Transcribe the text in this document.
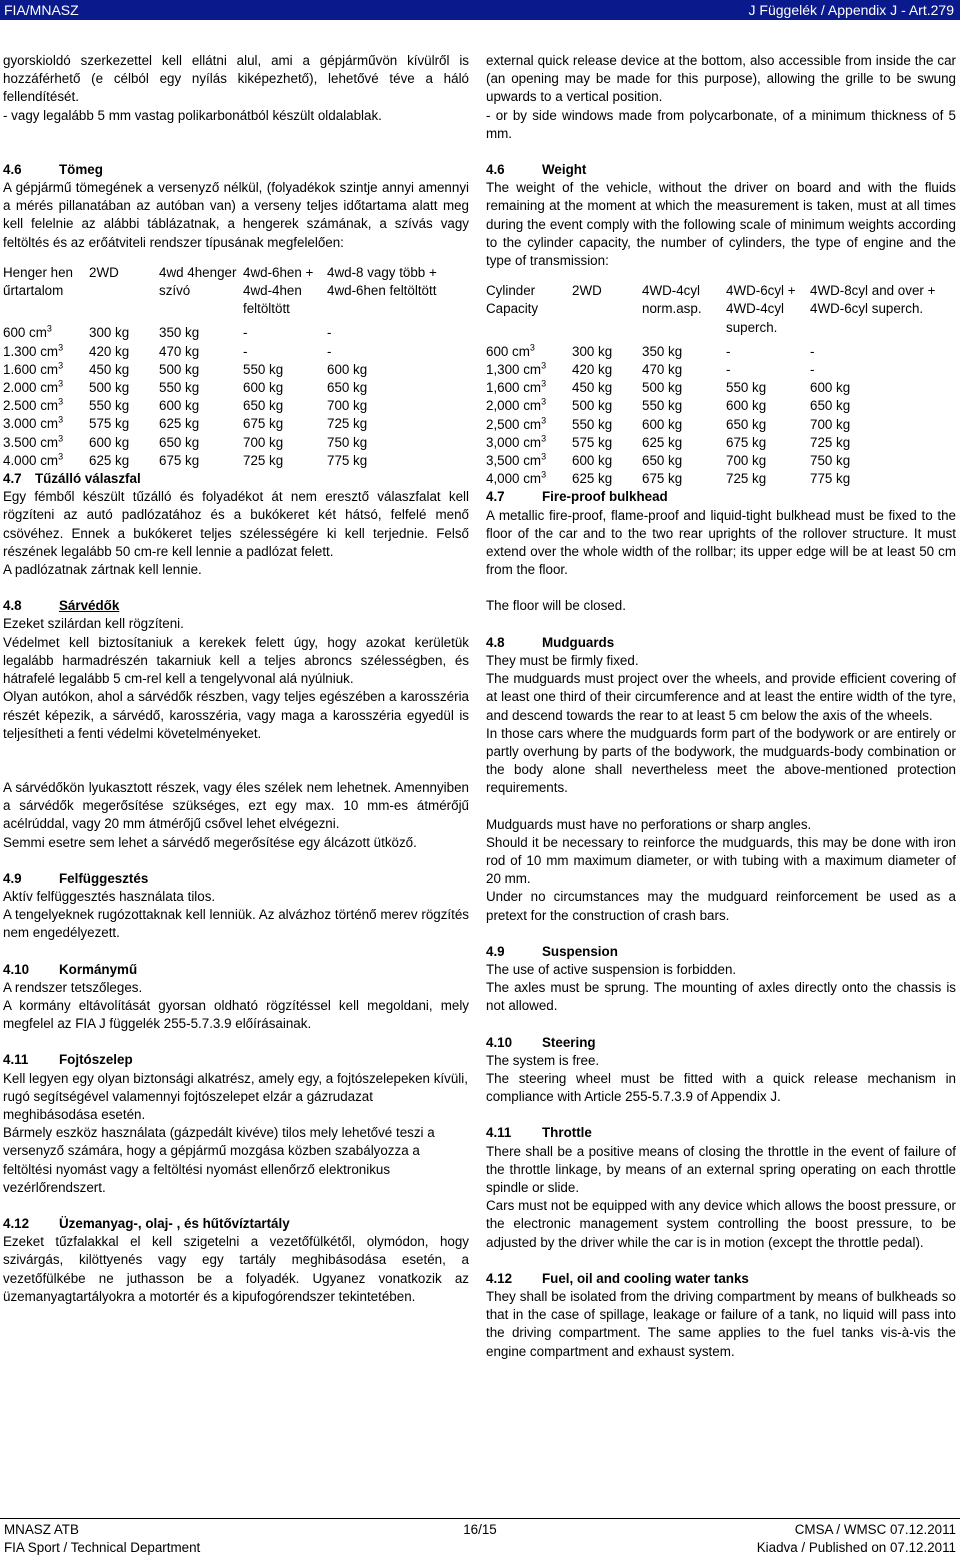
FIA/MNASZ	J Függelék / Appendix J - Art.279

gyorskioldó szerkezettel kell ellátni alul, ami a gépjárművön kívülről is hozzáférhető (e célból egy nyílás kiképezhető), lehetővé téve a háló fellendítését.
- vagy legalább 5 mm vastag polikarbonátból készült oldalablak.

4.6	Tömeg

A gépjármű tömegének a versenyző nélkül, (folyadékok szintje annyi amennyi a mérés pillanatában az autóban van) a verseny teljes időtartama alatt meg kell felelnie az alábbi táblázatnak, a hengerek számának, a szívás vagy feltöltés és az erőátviteli rendszer típusának megfelelően:

Henger hen űrtartalom	2WD	4wd 4henger szívó	4wd-6hen + 4wd-4hen feltöltött	4wd-8 vagy több + 4wd-6hen feltöltött

600 $cm^3$	300 kg	350 kg	-	-
1.300 $cm^3$	420 kg	470 kg	-	-
1.600 $cm^3$	450 kg	500 kg	550 kg	600 kg
2.000 $cm^3$	500 kg	550 kg	600 kg	650 kg
2.500 $cm^3$	550 kg	600 kg	650 kg	700 kg
3.000 $cm^3$	575 kg	625 kg	675 kg	725 kg
3.500 $cm^3$	600 kg	650 kg	700 kg	750 kg
4.000 $cm^3$	625 kg	675 kg	725 kg	775 kg
4.7 Tűzálló válaszfal

Egy fémből készült tűzálló és folyadékot át nem eresztő válaszfalat kell rögzíteni az autó padlózatához és a bukókeret két hátsó, felfelé menő csövéhez. Ennek a bukókeret teljes szélességére ki kell terjednie. Felső részének legalább 50 cm-re kell lennie a padlózat felett.

A padlózatnak zártnak kell lennie.

4.8	Sárvédők

Ezeket szilárdan kell rögzíteni.

Védelmet kell biztosítaniuk a kerekek felett úgy, hogy azokat kerületük legalább harmadrészén takarniuk kell a teljes abroncs szélességben, és hátrafelé legalább 5 cm-rel kell a tengelyvonal alá nyúlniuk.

Olyan autókon, ahol a sárvédők részben, vagy teljes egészében a karosszéria részét képezik, a sárvédő, karosszéria, vagy maga a karosszéria egyedül is teljesítheti a fenti védelmi követelményeket.

A sárvédőkön lyukasztott részek, vagy éles szélek nem lehetnek. Amennyiben a sárvédők megerősítése szükséges, ezt egy max. 10 mm-es átmérőjű acélrúddal, vagy 20 mm átmérőjű csővel lehet elvégezni.

Semmi esetre sem lehet a sárvédő megerősítése egy álcázott ütköző.

4.9	Felfüggesztés

Aktív felfüggesztés használata tilos.

A tengelyeknek rugózottaknak kell lenniük. Az alvázhoz történő merev rögzítés nem engedélyezett.

4.10 Kormánymű

A rendszer tetszőleges.

A kormány eltávolítását gyorsan oldható rögzítéssel kell megoldani, mely megfelel az FIA J függelék 255-5.7.3.9 előírásainak.

4.11 Fojtószelep

Kell legyen egy olyan biztonsági alkatrész, amely egy, a fojtószelepeken kívüli, rugó segítségével valamennyi fojtószelepet elzár a gázrudazat meghibásodása esetén.

Bármely eszköz használata (gázpedált kivéve) tilos mely lehetővé teszi a versenyző számára, hogy a gépjármű mozgása közben szabályozza a feltöltési nyomást vagy a feltöltési nyomást ellenőrző elektronikus vezérlőrendszert.

4.12 Üzemanyag-, olaj- , és hűtővíztartály

Ezeket tűzfalakkal el kell szigetelni a vezetőfülkétől, olymódon, hogy szivárgás, kilöttyenés vagy egy tartály meghibásodása esetén, a vezetőfülkébe ne juthasson be a folyadék. Ugyanez vonatkozik az üzemanyagtartályokra a motortér és a kipufogórendszer tekintetében.

external quick release device at the bottom, also accessible from inside the car (an opening may be made for this purpose), allowing the grille to be swung upwards to a vertical position.
- or by side windows made from polycarbonate, of a minimum thickness of 5 mm.

4.6	Weight

The weight of the vehicle, without the driver on board and with the fluids remaining at the moment at which the measurement is taken, must at all times during the event comply with the following scale of minimum weights according to the cylinder capacity, the number of cylinders, the type of engine and the type of transmission:

Cylinder Capacity	2WD	4WD-4cyl norm.asp.	4WD-6cyl + 4WD-4cyl superch.	4WD-8cyl and over + 4WD-6cyl superch.

600 $cm^3$	300 kg	350 kg	-	-
1,300 $cm^3$	420 kg	470 kg	-	-
1,600 $cm^3$	450 kg	500 kg	550 kg	600 kg
2,000 $cm^3$	500 kg	550 kg	600 kg	650 kg
2,500 $cm^3$	550 kg	600 kg	650 kg	700 kg
3,000 $cm^3$	575 kg	625 kg	675 kg	725 kg
3,500 $cm^3$	600 kg	650 kg	700 kg	750 kg
4,000 $cm^3$	625 kg	675 kg	725 kg	775 kg
4.7	Fire-proof bulkhead

A metallic fire-proof, flame-proof and liquid-tight bulkhead must be fixed to the floor of the car and to the two rear uprights of the rollover structure. It must extend over the whole width of the rollbar; its upper edge will be at least 50 cm from the floor.

The floor will be closed.

4.8	Mudguards

They must be firmly fixed.

The mudguards must project over the wheels, and provide efficient covering of at least one third of their circumference and at least the entire width of the tyre, and descend towards the rear to at least 5 cm below the axis of the wheels.

In those cars where the mudguards form part of the bodywork or are entirely or partly overhung by parts of the bodywork, the mudguards-body combination or the body alone shall nevertheless meet the above-mentioned protection requirements.

Mudguards must have no perforations or sharp angles.

Should it be necessary to reinforce the mudguards, this may be done with iron rod of 10 mm maximum diameter, or with tubing with a maximum diameter of 20 mm.

Under no circumstances may the mudguard reinforcement be used as a pretext for the construction of crash bars.

4.9	Suspension

The use of active suspension is forbidden.

The axles must be sprung. The mounting of axles directly onto the chassis is not allowed.

4.10 Steering

The system is free.

The steering wheel must be fitted with a quick release mechanism in compliance with Article 255-5.7.3.9 of Appendix J.

4.11 Throttle

There shall be a positive means of closing the throttle in the event of failure of the throttle linkage, by means of an external spring operating on each throttle spindle or slide.

Cars must not be equipped with any device which allows the boost pressure, or the electronic management system controlling the boost pressure, to be adjusted by the driver while the car is in motion (except the throttle pedal).

4.12 Fuel, oil and cooling water tanks

They shall be isolated from the driving compartment by means of bulkheads so that in the case of spillage, leakage or failure of a tank, no liquid will pass into the driving compartment. The same applies to the fuel tanks vis-à-vis the engine compartment and exhaust system.

MNASZ ATB	16/15	CMSA / WMSC 07.12.2011
FIA Sport / Technical Department	Kiadva / Published on 07.12.2011
